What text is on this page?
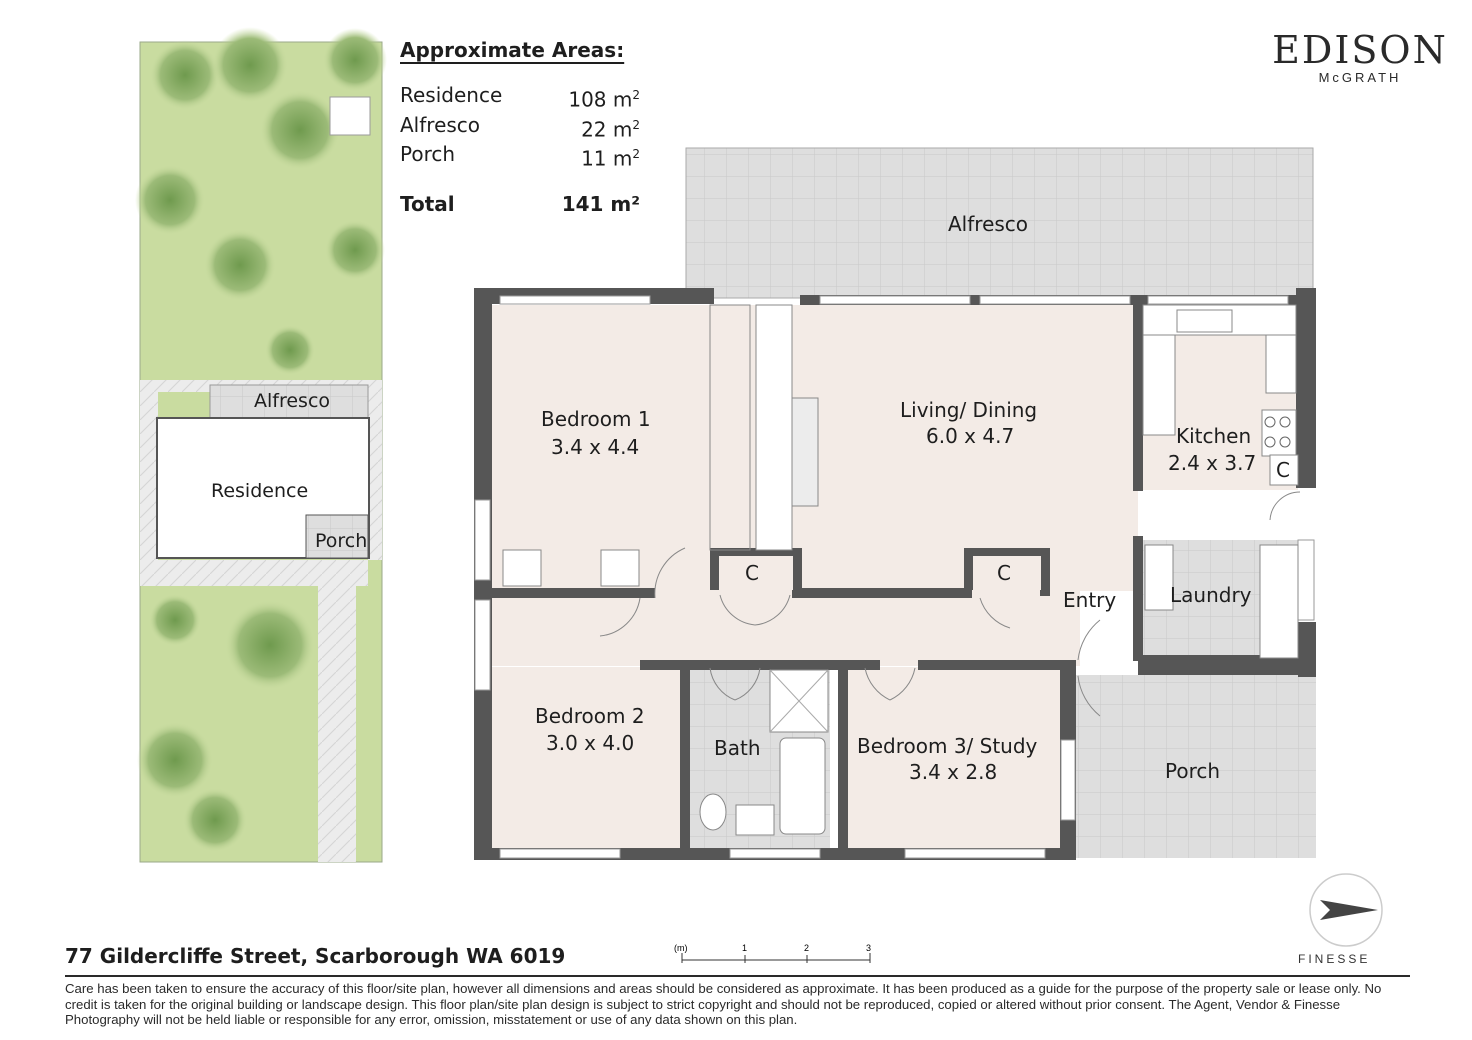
Alfresco
Residence
Porch
Alfresco
Porch
C	C
C
Bedroom 1
3.4 x 4.4
Living/ Dining
6.0 x 4.7	Kitchen
2.4 x 3.7
Entry	Laundry
Bedroom 2
3.0 x 4.0	Bath	Bedroom 3/ Study
3.4 x 2.8
(m)	1	2	3
Approximate Areas:
Residence	108 $m^2$
Alfresco	22 $m^2$
Porch	11 $m^2$
Total	141 m²
EDISON
McGRATH
77 Gildercliffe Street, Scarborough WA 6019	FINESSE
Care has been taken to ensure the accuracy of this floor/site plan, however all dimensions and areas should be considered as approximate. It has been produced as a guide for the purpose of the property sale or lease only. No credit is taken for the original building or landscape design. This floor plan/site plan design is subject to strict copyright and should not be reproduced, copied or altered without prior consent. The Agent, Vendor & Finesse Photography will not be held liable or responsible for any error, omission, misstatement or use of any data shown on this plan.
